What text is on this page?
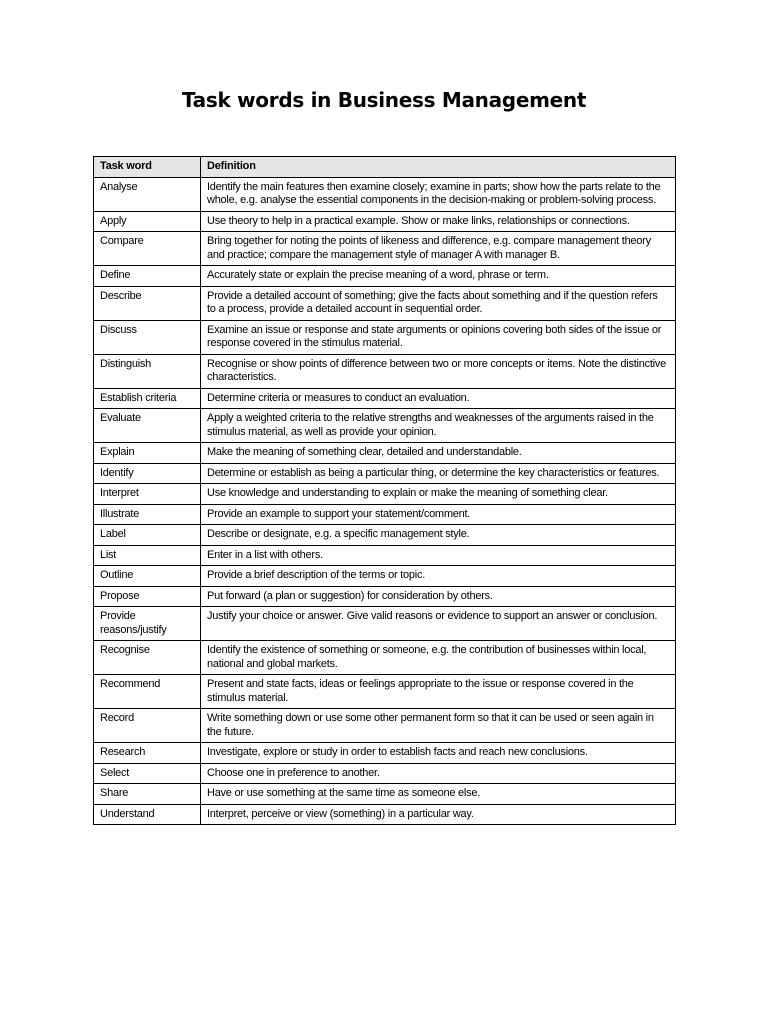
Task words in Business Management
Task word	Definition
Analyse	Identify the main features then examine closely; examine in parts; show how the parts relate to the whole, e.g. analyse the essential components in the decision-making or problem-solving process.
Apply	Use theory to help in a practical example. Show or make links, relationships or connections.
Compare	Bring together for noting the points of likeness and difference, e.g. compare management theory and practice; compare the management style of manager A with manager B.
Define	Accurately state or explain the precise meaning of a word, phrase or term.
Describe	Provide a detailed account of something; give the facts about something and if the question refers to a process, provide a detailed account in sequential order.
Discuss	Examine an issue or response and state arguments or opinions covering both sides of the issue or response covered in the stimulus material.
Distinguish	Recognise or show points of difference between two or more concepts or items. Note the distinctive characteristics.
Establish criteria	Determine criteria or measures to conduct an evaluation.
Evaluate	Apply a weighted criteria to the relative strengths and weaknesses of the arguments raised in the stimulus material, as well as provide your opinion.
Explain	Make the meaning of something clear, detailed and understandable.
Identify	Determine or establish as being a particular thing, or determine the key characteristics or features.
Interpret	Use knowledge and understanding to explain or make the meaning of something clear.
Illustrate	Provide an example to support your statement/comment.
Label	Describe or designate, e.g. a specific management style.
List	Enter in a list with others.
Outline	Provide a brief description of the terms or topic.
Propose	Put forward (a plan or suggestion) for consideration by others.
Provide reasons/justify	Justify your choice or answer. Give valid reasons or evidence to support an answer or conclusion.
Recognise	Identify the existence of something or someone, e.g. the contribution of businesses within local, national and global markets.
Recommend	Present and state facts, ideas or feelings appropriate to the issue or response covered in the stimulus material.
Record	Write something down or use some other permanent form so that it can be used or seen again in the future.
Research	Investigate, explore or study in order to establish facts and reach new conclusions.
Select	Choose one in preference to another.
Share	Have or use something at the same time as someone else.
Understand	Interpret, perceive or view (something) in a particular way.
